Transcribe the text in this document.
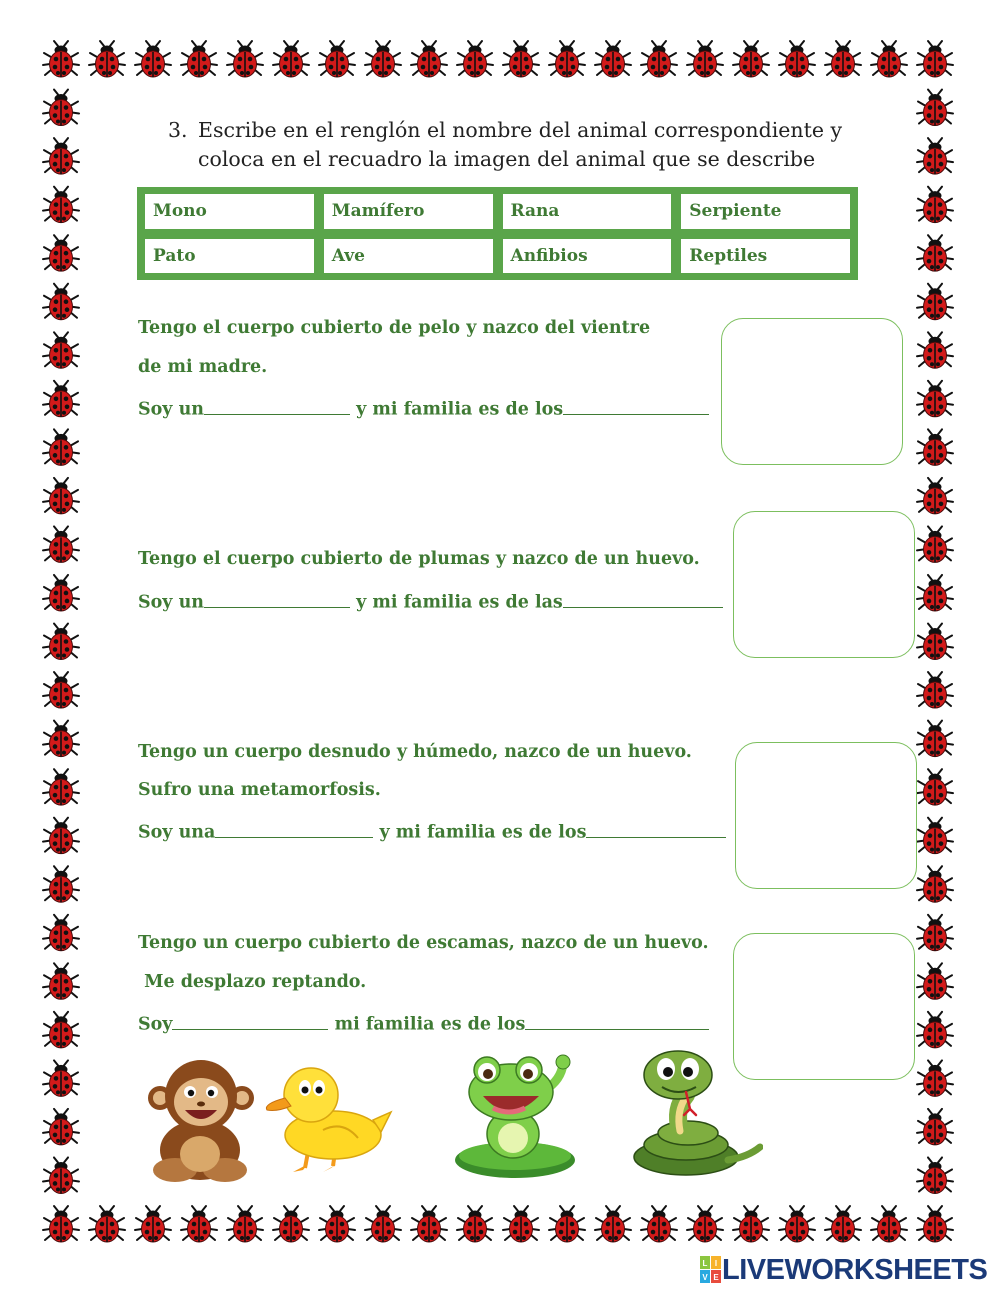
3. Escribe en el renglón el nombre del animal correspondiente y
coloca en el recuadro la imagen del animal que se describe
Mono	Mamífero	Rana	Serpiente
Pato	Ave	Anfibios	Reptiles
Tengo el cuerpo cubierto de pelo y nazco del vientre
de mi madre.
Soy un	y mi familia es de los
Tengo el cuerpo cubierto de plumas y nazco de un huevo.
Soy un	y mi familia es de las
Tengo un cuerpo desnudo y húmedo, nazco de un huevo.
Sufro una metamorfosis.
Soy una	y mi familia es de los
Tengo un cuerpo cubierto de escamas, nazco de un huevo.
Me desplazo reptando.
Soy	mi familia es de los
L I
V E LIVEWORKSHEETS
